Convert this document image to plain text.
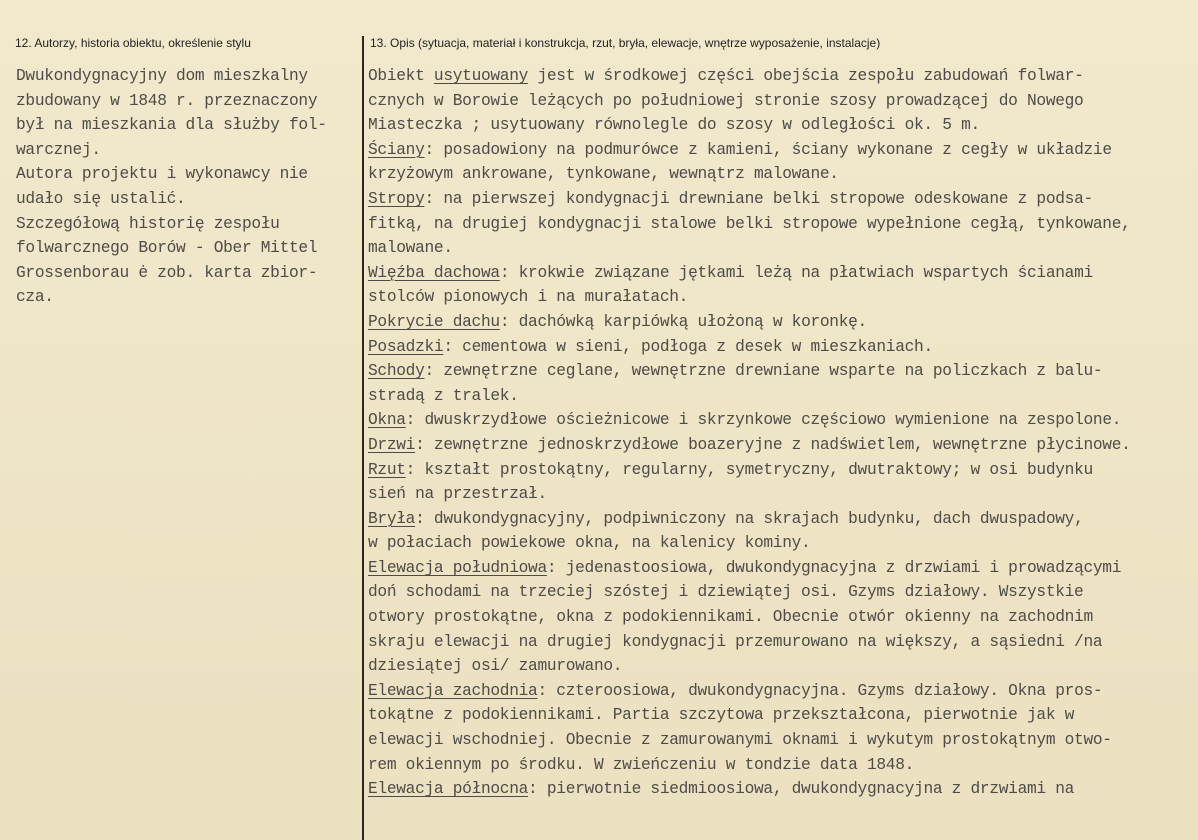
12. Autorzy, historia obiektu, określenie stylu	13. Opis (sytuacja, materiał i konstrukcja, rzut, bryła, elewacje, wnętrze wyposażenie, instalacje)
Dwukondygnacyjny dom mieszkalny
zbudowany w 1848 r. przeznaczony
był na mieszkania dla służby fol-
warcznej.
Autora projektu i wykonawcy nie
udało się ustalić.
Szczegółową historię zespołu
folwarcznego Borów - Ober Mittel
Grossenborau ė zob. karta zbior-
cza.
Obiekt usytuowany jest w środkowej części obejścia zespołu zabudowań folwar-
cznych w Borowie leżących po południowej stronie szosy prowadzącej do Nowego
Miasteczka ; usytuowany równolegle do szosy w odległości ok. 5 m.
Ściany: posadowiony na podmurówce z kamieni, ściany wykonane z cegły w układzie
krzyżowym ankrowane, tynkowane, wewnątrz malowane.
Stropy: na pierwszej kondygnacji drewniane belki stropowe odeskowane z podsa-
fitką, na drugiej kondygnacji stalowe belki stropowe wypełnione cegłą, tynkowane,
malowane.
Więźba dachowa: krokwie związane jętkami leżą na płatwiach wspartych ścianami
stolców pionowych i na murałatach.
Pokrycie dachu: dachówką karpiówką ułożoną w koronkę.
Posadzki: cementowa w sieni, podłoga z desek w mieszkaniach.
Schody: zewnętrzne ceglane, wewnętrzne drewniane wsparte na policzkach z balu-
stradą z tralek.
Okna: dwuskrzydłowe ościeżnicowe i skrzynkowe częściowo wymienione na zespolone.
Drzwi: zewnętrzne jednoskrzydłowe boazeryjne z nadświetlem, wewnętrzne płycinowe.
Rzut: kształt prostokątny, regularny, symetryczny, dwutraktowy; w osi budynku
sień na przestrzał.
Bryła: dwukondygnacyjny, podpiwniczony na skrajach budynku, dach dwuspadowy,
w połaciach powiekowe okna, na kalenicy kominy.
Elewacja południowa: jedenastoosiowa, dwukondygnacyjna z drzwiami i prowadzącymi
doń schodami na trzeciej szóstej i dziewiątej osi. Gzyms działowy. Wszystkie
otwory prostokątne, okna z podokiennikami. Obecnie otwór okienny na zachodnim
skraju elewacji na drugiej kondygnacji przemurowano na większy, a sąsiedni /na
dziesiątej osi/ zamurowano.
Elewacja zachodnia: czteroosiowa, dwukondygnacyjna. Gzyms działowy. Okna pros-
tokątne z podokiennikami. Partia szczytowa przekształcona, pierwotnie jak w
elewacji wschodniej. Obecnie z zamurowanymi oknami i wykutym prostokątnym otwo-
rem okiennym po środku. W zwieńczeniu w tondzie data 1848.
Elewacja północna: pierwotnie siedmioosiowa, dwukondygnacyjna z drzwiami na
